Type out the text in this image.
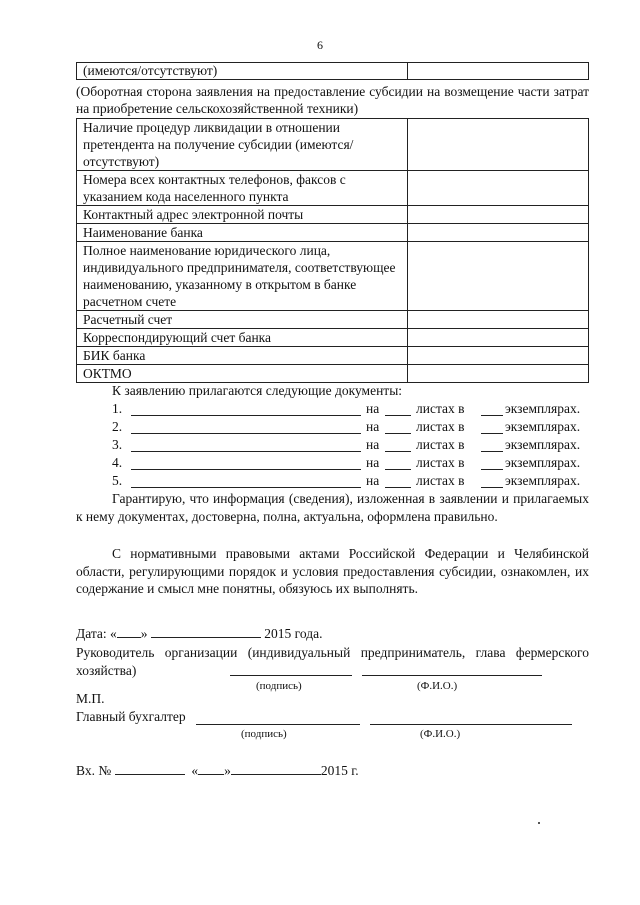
6
(имеются/отсутствуют)	
(Оборотная сторона заявления на предоставление субсидии на возмещение части затрат на приобретение сельскохозяйственной техники)
Наличие процедур ликвидации в отношении претендента на получение субсидии (имеются/отсутствуют)	
Номера всех контактных телефонов, факсов с указанием кода населенного пункта	
Контактный адрес электронной почты	
Наименование банка	
Полное наименование юридического лица, индивидуального предпринимателя, соответствующее наименованию, указанному в открытом в банке расчетном счете	
Расчетный счет	
Корреспондирующий счет банка	
БИК банка	
ОКТМО	
К заявлению прилагаются следующие документы:
1.	на	листах в	экземплярах.
2.	на	листах в	экземплярах.
3.	на	листах в	экземплярах.
4.	на	листах в	экземплярах.
5.	на	листах в	экземплярах.
Гарантирую, что информация (сведения), изложенная в заявлении и прилагаемых к нему документах, достоверна, полна, актуальна, оформлена правильно.
С нормативными правовыми актами Российской Федерации и Челябинской области, регулирующими порядок и условия предоставления субсидии, ознакомлен, их содержание и смысл мне понятны, обязуюсь их выполнять.
Дата: « »	2015 года.
Руководитель организации (индивидуальный предприниматель, глава фермерского хозяйства)
(подпись)	(Ф.И.О.)
М.П.
Главный бухгалтер
(подпись)	(Ф.И.О.)
Вх. №	« »	2015 г.
